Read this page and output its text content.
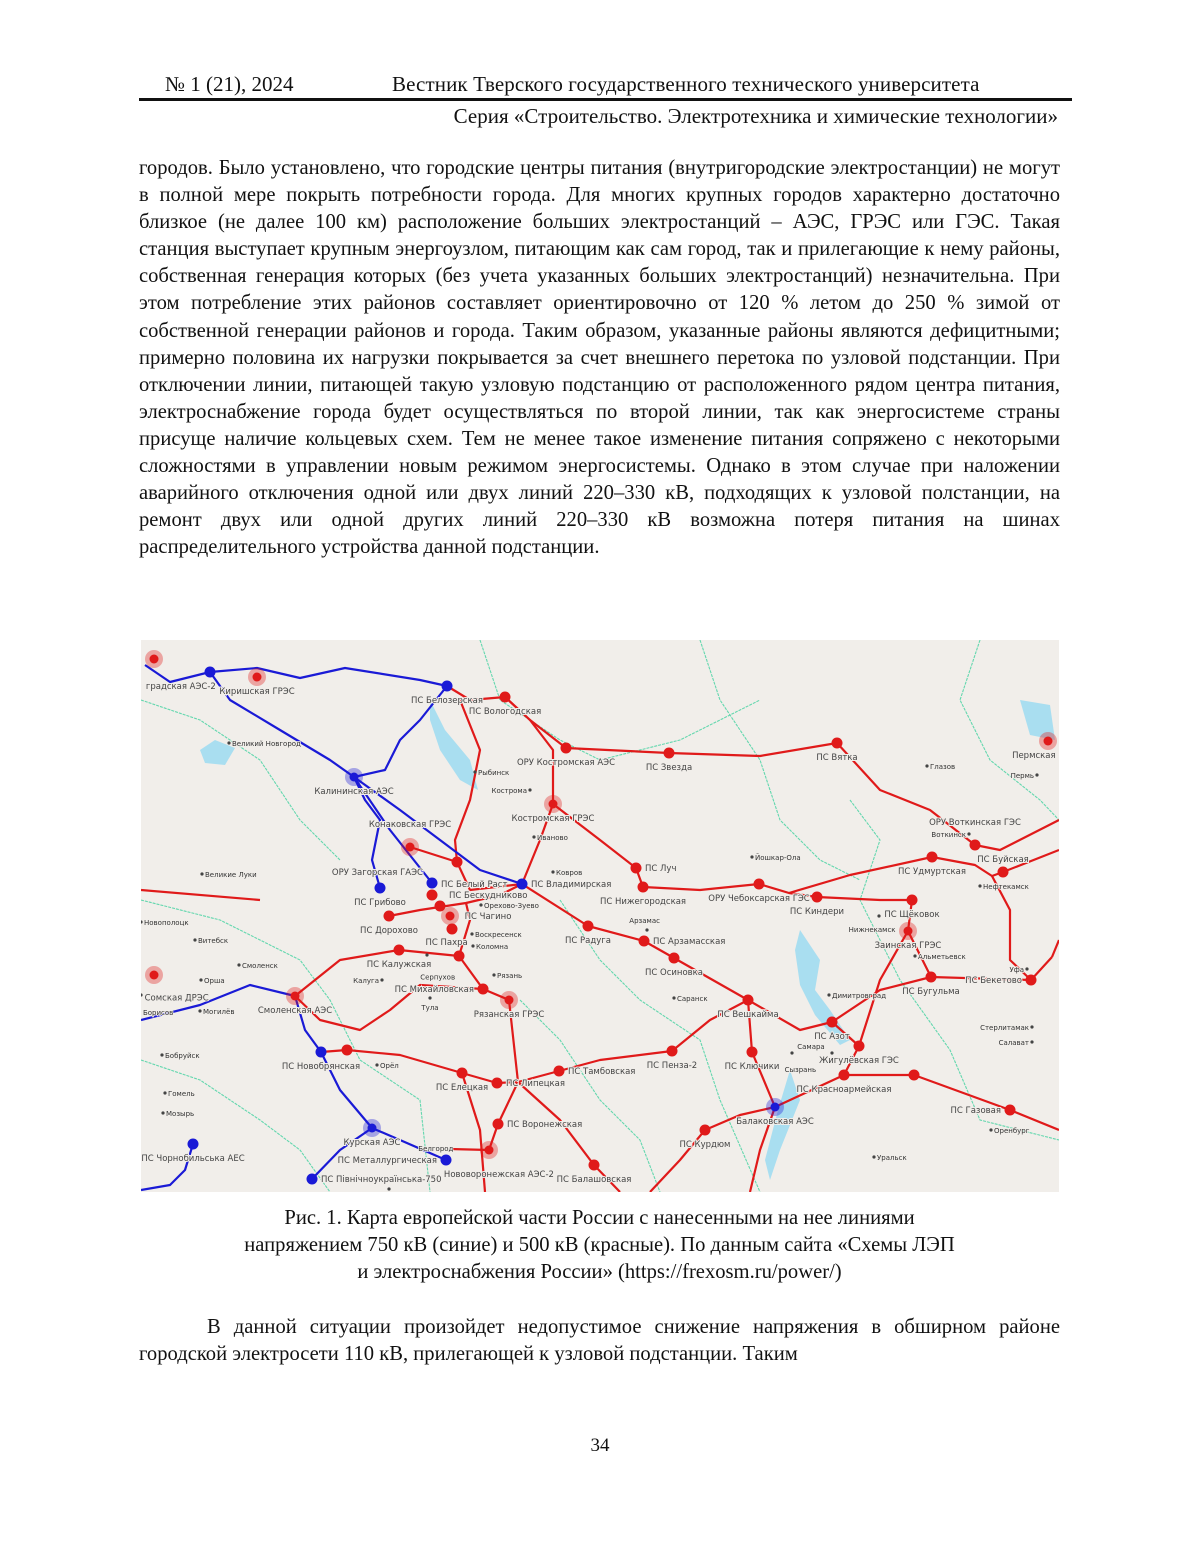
№ 1 (21), 2024	Вестник Тверского государственного технического университета
Серия «Строительство. Электротехника и химические технологии»
городов. Было установлено, что городские центры питания (внутригородские электростанции) не могут в полной мере покрыть потребности города. Для многих крупных городов характерно достаточно близкое (не далее 100 км) расположение больших электростанций – АЭС, ГРЭС или ГЭС. Такая станция выступает крупным энергоузлом, питающим как сам город, так и прилегающие к нему районы, собственная генерация которых (без учета указанных больших электростанций) незначительна. При этом потребление этих районов составляет ориентировочно от 120 % летом до 250 % зимой от собственной генерации районов и города. Таким образом, указанные районы являются дефицитными; примерно половина их нагрузки покрывается за счет внешнего перетока по узловой подстанции. При отключении линии, питающей такую узловую подстанцию от расположенного рядом центра питания, электроснабжение города будет осуществляться по второй линии, так как энергосистеме страны присуще наличие кольцевых схем. Тем не менее такое изменение питания сопряжено с некоторыми сложностями в управлении новым режимом энергосистемы. Однако в этом случае при наложении аварийного отключения одной или двух линий 220–330 кВ, подходящих к узловой полстанции, на ремонт двух или одной других линий 220–330 кВ возможна потеря питания на шинах распределительного устройства данной подстанции.
градская АЭС-2
Киришская ГРЭС
ПС Белозерская
Калининская АЭС
ПС Грибово
ОРУ Загорская ГАЭС
ПС Владимирская
Конаковская ГРЭС
Смоленская АЭС
ПС Новобрянская
Курская АЭС
ПС Чорнобильська АЕС
ПС Північноукраїнська-750 Нововоронежская АЭС-2
ПС Металлургическая
Балаковская АЭС
ПС Вологодская
ОРУ Костромская АЭС
Костромская ГРЭС
ПС Звезда
ПС Вятка	Пермская
ПС Дорохово
ПС Луч
ПС Нижегородская	ОРУ Чебоксарская ГЭС
ПС Киндери
ПС Удмуртская
ОРУ Воткинская ГЭС
ПС Буйская
ПС Щёковок
Заинская ГРЭС
ПС Бугульма
ПС Бекетово
ПС Радуга
ПС Калужская
ПС Михайловская
Рязанская ГРЭС
ПС Арзамасская
ПС Осиновка
ПС Вешкайма
ПС Азот
Жигулёвская ГЭС
ПС Пенза-2	ПС Ключики
ПС Красноармейская
ПС Газовая
ПС Курдюм
ПС Елецкая ПС Липецкая
ПС Тамбовская
ПС Воронежская
ПС Балашовская
ПС Белый Раст
ПС Бескудниково
ПС Чагино
ПС Пахра
Сомская ДРЭС
Великий Новгород
Рыбинск
Кострома
Иваново
Ковров
Великие Луки
Новополоцк
Витебск
Смоленск
Орша
Борисов	Могилёв
Бобруйск
Гомель
Мозырь
Калуга
Тула
Рязань
Воскресенск
Коломна
Орехово-Зуево
Орёл
Арзамас
Саранск
Йошкар-Ола
Глазов
Воткинск
Пермь
Нефтекамск
Нижнекамск
Альметьевск
Димитровград
Сызрань
Самара
Уфа
Стерлитамак
Салават
Уральск
Оренбург
Серпухов
Белгород
Рис. 1. Карта европейской части России с нанесенными на нее линиями
напряжением 750 кВ (синие) и 500 кВ (красные). По данным сайта «Схемы ЛЭП
и электроснабжения России» (https://frexosm.ru/power/)
В данной ситуации произойдет недопустимое снижение напряжения в обширном районе городской электросети 110 кВ, прилегающей к узловой подстанции. Таким
34
